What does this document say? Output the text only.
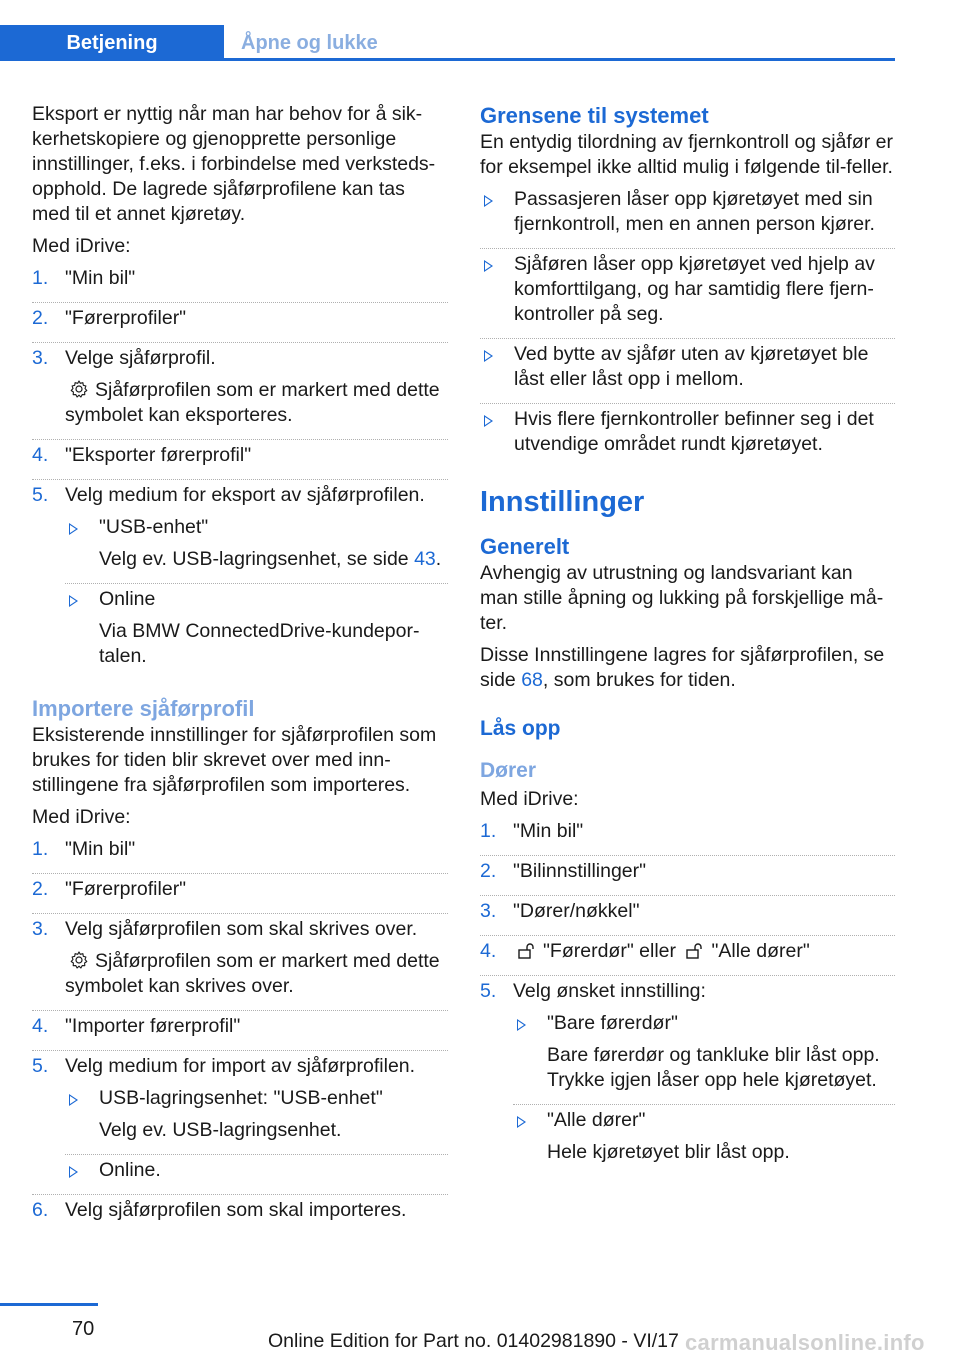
Betjening	Åpne og lukke

Eksport er nyttig når man har behov for å sik-kerhetskopiere og gjenopprette personlige innstillinger, f.eks. i forbindelse med verksteds-opphold. De lagrede sjåførprofilene kan tas med til et annet kjøretøy.

Med iDrive:

1. "Min bil"
2. "Førerprofiler"
3. Velge sjåførprofil.
Sjåførprofilen som er markert med dette symbolet kan eksporteres.
4. "Eksporter førerprofil"
5. Velg medium for eksport av sjåførprofilen.
"USB-enhet"
Velg ev. USB-lagringsenhet, se side 43.
Online
Via BMW ConnectedDrive-kundepor-talen.
Importere sjåførprofil

Eksisterende innstillinger for sjåførprofilen som brukes for tiden blir skrevet over med inn-stillingene fra sjåførprofilen som importeres.

Med iDrive:

1. "Min bil"
2. "Førerprofiler"
3. Velg sjåførprofilen som skal skrives over.
Sjåførprofilen som er markert med dette symbolet kan skrives over.
4. "Importer førerprofil"
5. Velg medium for import av sjåførprofilen.
USB-lagringsenhet: "USB-enhet"
Velg ev. USB-lagringsenhet.
Online.
6. Velg sjåførprofilen som skal importeres.
Grensene til systemet

En entydig tilordning av fjernkontroll og sjåfør er for eksempel ikke alltid mulig i følgende til-feller.

Passasjeren låser opp kjøretøyet med sin fjernkontroll, men en annen person kjører.
Sjåføren låser opp kjøretøyet ved hjelp av komforttilgang, og har samtidig flere fjern-kontroller på seg.
Ved bytte av sjåfør uten av kjøretøyet ble låst eller låst opp i mellom.
Hvis flere fjernkontroller befinner seg i det utvendige området rundt kjøretøyet.
Innstillinger
Generelt

Avhengig av utrustning og landsvariant kan man stille åpning og lukking på forskjellige må-ter.

Disse Innstillingene lagres for sjåførprofilen, se side 68, som brukes for tiden.

Lås opp
Dører

Med iDrive:

1. "Min bil"
2. "Bilinnstillinger"
3. "Dører/nøkkel"
4. "Førerdør" eller "Alle dører"
5. Velg ønsket innstilling:
"Bare førerdør"
Bare førerdør og tankluke blir låst opp. Trykke igjen låser opp hele kjøretøyet.
"Alle dører"
Hele kjøretøyet blir låst opp.
70
Online Edition for Part no. 01402981890 - VI/17 carmanualsonline.info
